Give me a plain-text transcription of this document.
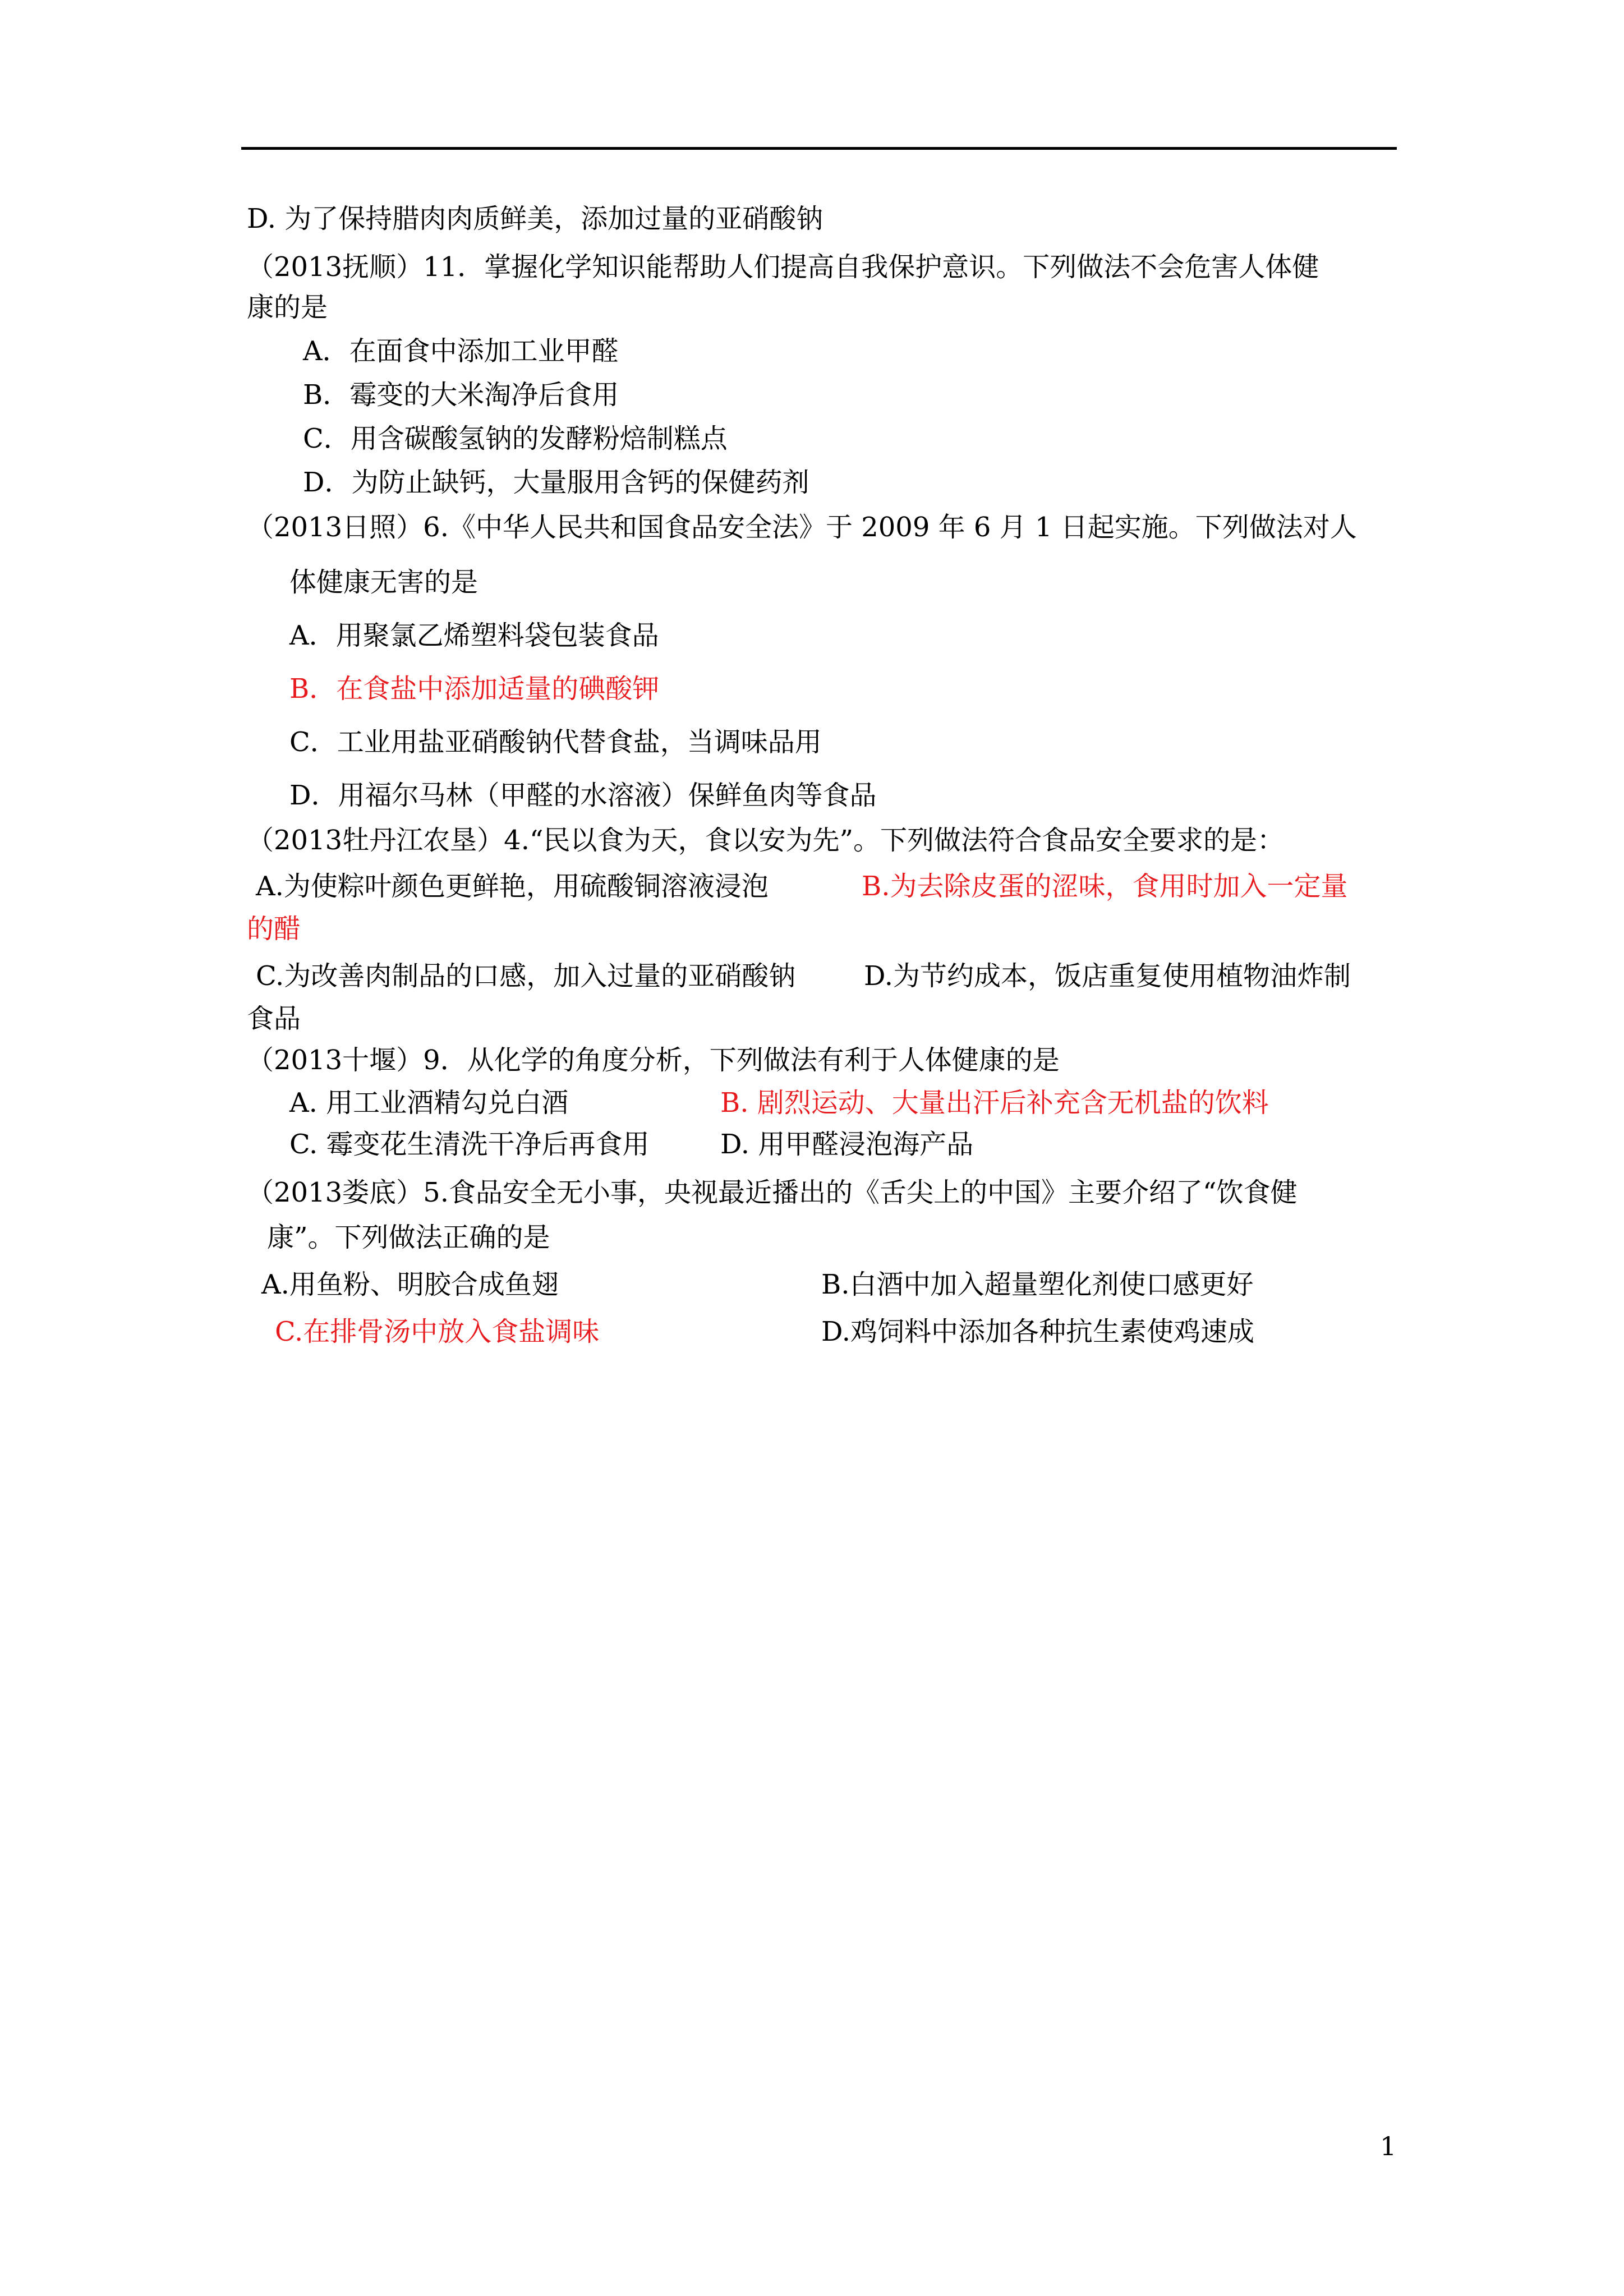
D. 为了保持腊肉肉质鲜美，添加过量的亚硝酸钠
（2013抚顺）11．掌握化学知识能帮助人们提高自我保护意识。下列做法不会危害人体健
康的是
A．在面食中添加工业甲醛
B．霉变的大米淘净后食用
C．用含碳酸氢钠的发酵粉焙制糕点
D．为防止缺钙，大量服用含钙的保健药剂
（2013日照）6.《中华人民共和国食品安全法》于 2009 年 6 月 1 日起实施。下列做法对人
体健康无害的是
A．用聚氯乙烯塑料袋包装食品
B．在食盐中添加适量的碘酸钾
C．工业用盐亚硝酸钠代替食盐，当调味品用
D．用福尔马林（甲醛的水溶液）保鲜鱼肉等食品
（2013牡丹江农垦）4.“民以食为天，食以安为先”。下列做法符合食品安全要求的是：
A.为使粽叶颜色更鲜艳，用硫酸铜溶液浸泡	B.为去除皮蛋的涩味，食用时加入一定量
的醋
C.为改善肉制品的口感，加入过量的亚硝酸钠	D.为节约成本，饭店重复使用植物油炸制
食品
（2013十堰）9．从化学的角度分析，下列做法有利于人体健康的是
A. 用工业酒精勾兑白酒	B. 剧烈运动、大量出汗后补充含无机盐的饮料
C. 霉变花生清洗干净后再食用	D. 用甲醛浸泡海产品
（2013娄底）5.食品安全无小事，央视最近播出的《舌尖上的中国》主要介绍了“饮食健
康”。下列做法正确的是
A.用鱼粉、明胶合成鱼翅	B.白酒中加入超量塑化剂使口感更好
C.在排骨汤中放入食盐调味	D.鸡饲料中添加各种抗生素使鸡速成
1
